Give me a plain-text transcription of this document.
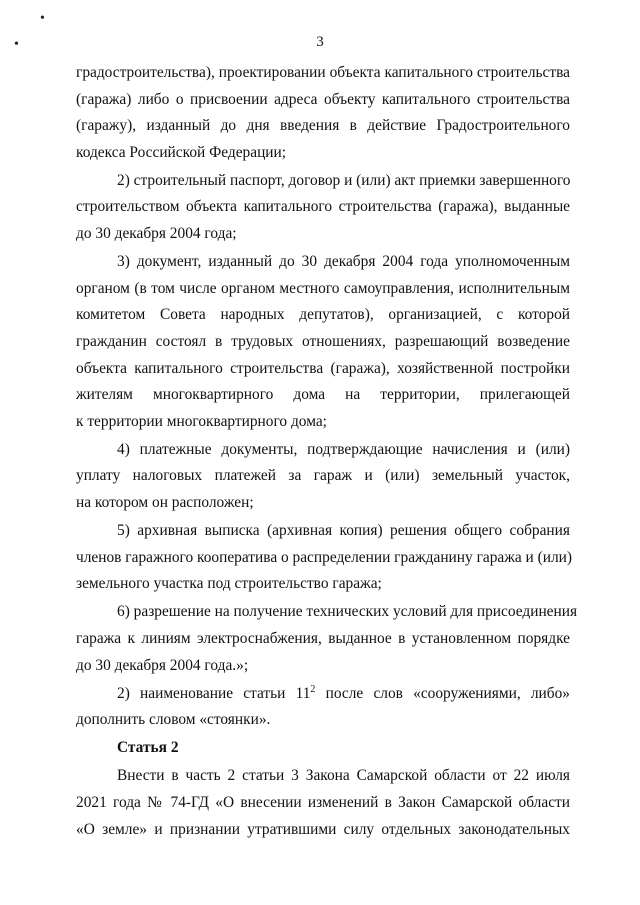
•
•	3
градостроительства), проектировании объекта капитального строительства
(гаража) либо о присвоении адреса объекту капитального строительства
(гаражу), изданный до дня введения в действие Градостроительного
кодекса Российской Федерации;
2) строительный паспорт, договор и (или) акт приемки завершенного
строительством объекта капитального строительства (гаража), выданные
до 30 декабря 2004 года;
3) документ, изданный до 30 декабря 2004 года уполномоченным
органом (в том числе органом местного самоуправления, исполнительным
комитетом Совета народных депутатов), организацией, с которой
гражданин состоял в трудовых отношениях, разрешающий возведение
объекта капитального строительства (гаража), хозяйственной постройки
жителям многоквартирного дома на территории, прилегающей
к территории многоквартирного дома;
4) платежные документы, подтверждающие начисления и (или)
уплату налоговых платежей за гараж и (или) земельный участок,
на котором он расположен;
5) архивная выписка (архивная копия) решения общего собрания
членов гаражного кооператива о распределении гражданину гаража и (или)
земельного участка под строительство гаража;
6) разрешение на получение технических условий для присоединения
гаража к линиям электроснабжения, выданное в установленном порядке
до 30 декабря 2004 года.»;
2) наименование статьи $11^2$ после слов «сооружениями, либо»
дополнить словом «стоянки».
Статья 2
Внести в часть 2 статьи 3 Закона Самарской области от 22 июля
2021 года № 74-ГД «О внесении изменений в Закон Самарской области
«О земле» и признании утратившими силу отдельных законодательных
